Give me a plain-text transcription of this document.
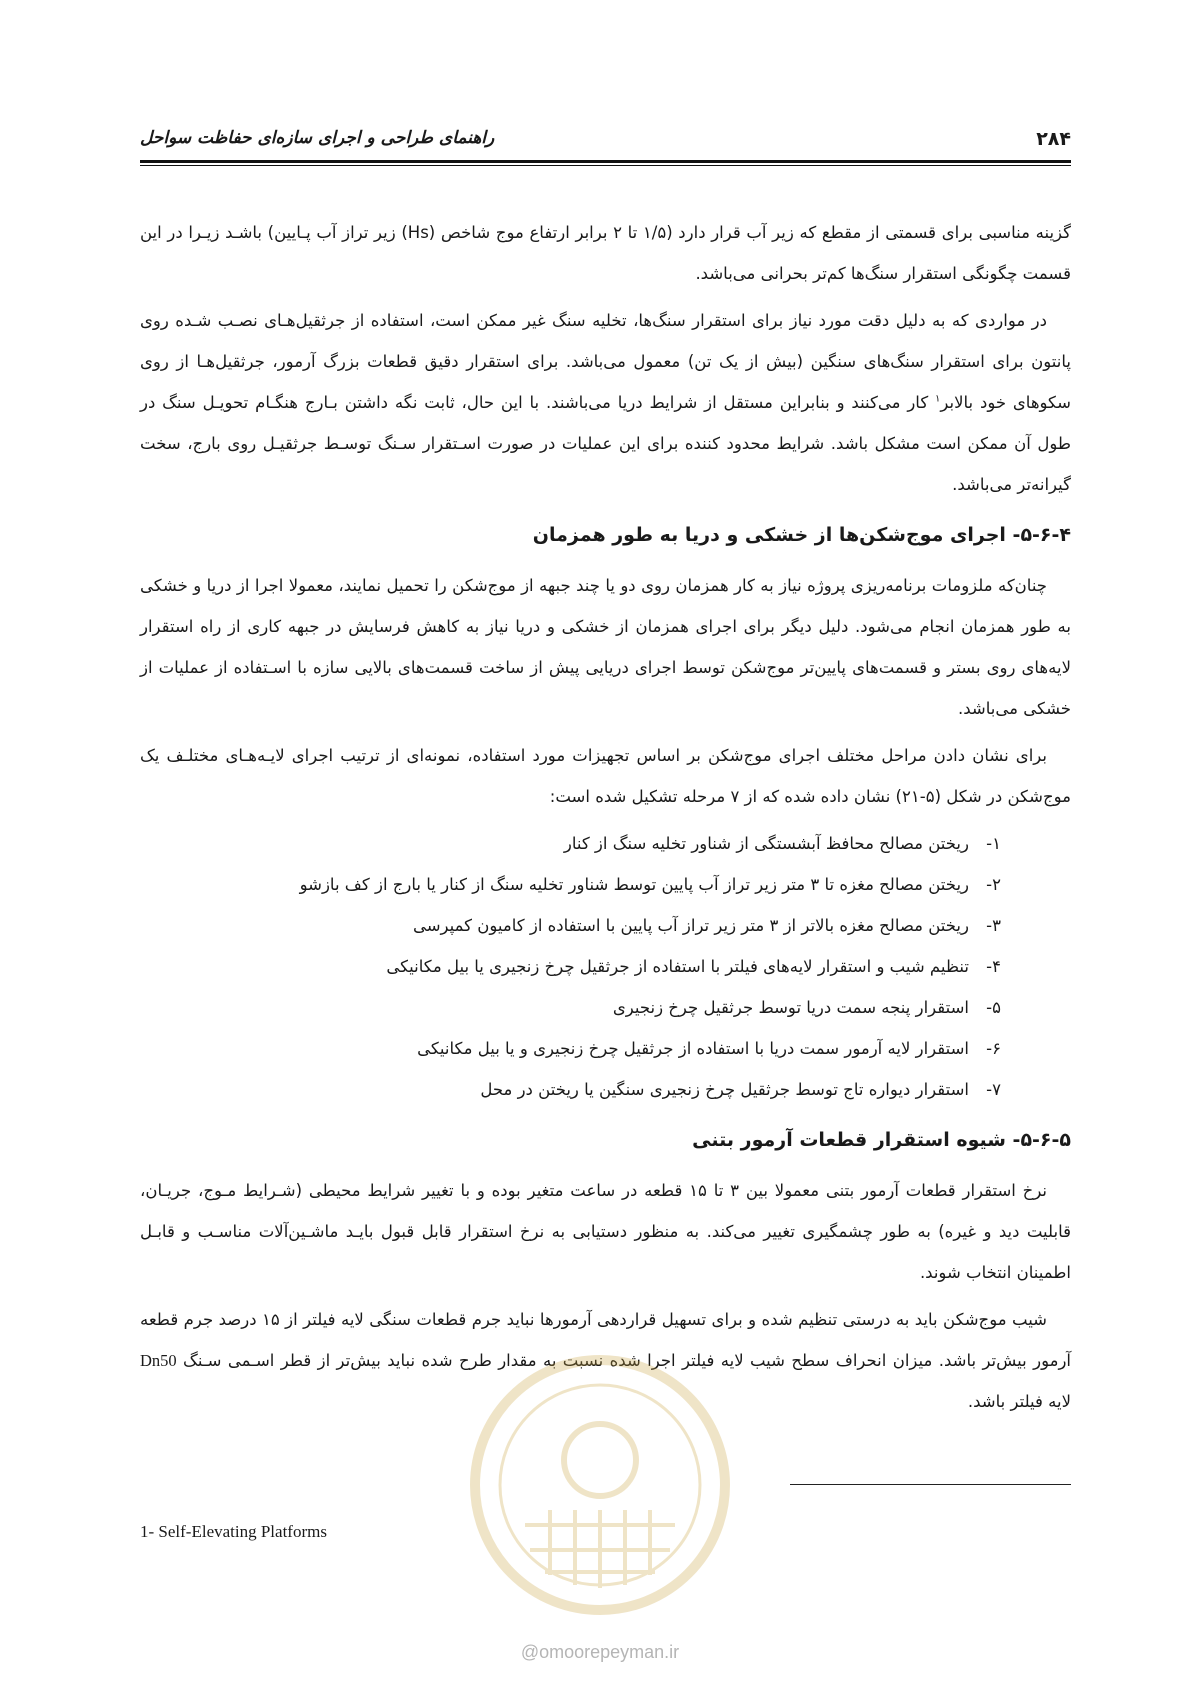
۲۸۴
راهنمای طراحی و اجرای سازه‌ای حفاظت سواحل

گزینه مناسبی برای قسمتی از مقطع که زیر آب قرار دارد (۱/۵ تا ۲ برابر ارتفاع موج شاخص (Hs) زیر تراز آب پـایین) باشـد زیـرا در این قسمت چگونگی استقرار سنگ‌ها کم‌تر بحرانی می‌باشد.

در مواردی که به دلیل دقت مورد نیاز برای استقرار سنگ‌ها، تخلیه سنگ غیر ممکن است، استفاده از جرثقیل‌هـای نصـب شـده روی پانتون برای استقرار سنگ‌های سنگین (بیش از یک تن) معمول می‌باشد. برای استقرار دقیق قطعات بزرگ آرمور، جرثقیل‌هـا از روی سکوهای خود بالابر$^۱$ کار می‌کنند و بنابراین مستقل از شرایط دریا می‌باشند. با این حال، ثابت نگه داشتن بـارج هنگـام تحویـل سنگ در طول آن ممکن است مشکل باشد. شرایط محدود کننده برای این عملیات در صورت اسـتقرار سـنگ توسـط جرثقیـل روی بارج، سخت گیرانه‌تر می‌باشد.

۵-۶-۴- اجرای موج‌شکن‌ها از خشکی و دریا به طور همزمان

چنان‌که ملزومات برنامه‌ریزی پروژه نیاز به کار همزمان روی دو یا چند جبهه از موج‌شکن را تحمیل نمایند، معمولا اجرا از دریا و خشکی به طور همزمان انجام می‌شود. دلیل دیگر برای اجرای همزمان از خشکی و دریا نیاز به کاهش فرسایش در جبهه کاری از راه استقرار لایه‌های روی بستر و قسمت‌های پایین‌تر موج‌شکن توسط اجرای دریایی پیش از ساخت قسمت‌های بالایی سازه با اسـتفاده از عملیات از خشکی می‌باشد.

برای نشان دادن مراحل مختلف اجرای موج‌شکن بر اساس تجهیزات مورد استفاده، نمونه‌ای از ترتیب اجرای لایـه‌هـای مختلـف یک موج‌شکن در شکل (۵-۲۱) نشان داده شده که از ۷ مرحله تشکیل شده است:

۱-ریختن مصالح محافظ آبشستگی از شناور تخلیه سنگ از کنار
۲-ریختن مصالح مغزه تا ۳ متر زیر تراز آب پایین توسط شناور تخلیه سنگ از کنار یا بارج از کف بازشو
۳-ریختن مصالح مغزه بالاتر از ۳ متر زیر تراز آب پایین با استفاده از کامیون کمپرسی
۴-تنظیم شیب و استقرار لایه‌های فیلتر با استفاده از جرثقیل چرخ زنجیری یا بیل مکانیکی
۵-استقرار پنجه سمت دریا توسط جرثقیل چرخ زنجیری
۶-استقرار لایه آرمور سمت دریا با استفاده از جرثقیل چرخ زنجیری و یا بیل مکانیکی
۷-استقرار دیواره تاج توسط جرثقیل چرخ زنجیری سنگین یا ریختن در محل
۵-۶-۵- شیوه استقرار قطعات آرمور بتنی

نرخ استقرار قطعات آرمور بتنی معمولا بین ۳ تا ۱۵ قطعه در ساعت متغیر بوده و با تغییر شرایط محیطی (شـرایط مـوج، جریـان، قابلیت دید و غیره) به طور چشمگیری تغییر می‌کند. به منظور دستیابی به نرخ استقرار قابل قبول بایـد ماشـین‌آلات مناسـب و قابـل اطمینان انتخاب شوند.

شیب موج‌شکن باید به درستی تنظیم شده و برای تسهیل قراردهی آرمورها نباید جرم قطعات سنگی لایه فیلتر از ۱۵ درصد جرم قطعه آرمور بیش‌تر باشد. میزان انحراف سطح شیب لایه فیلتر اجرا شده نسبت به مقدار طرح شده نباید بیش‌تر از قطر اسـمی سـنگ Dn50 لایه فیلتر باشد.

1- Self-Elevating Platforms
@omoorepeyman.ir
